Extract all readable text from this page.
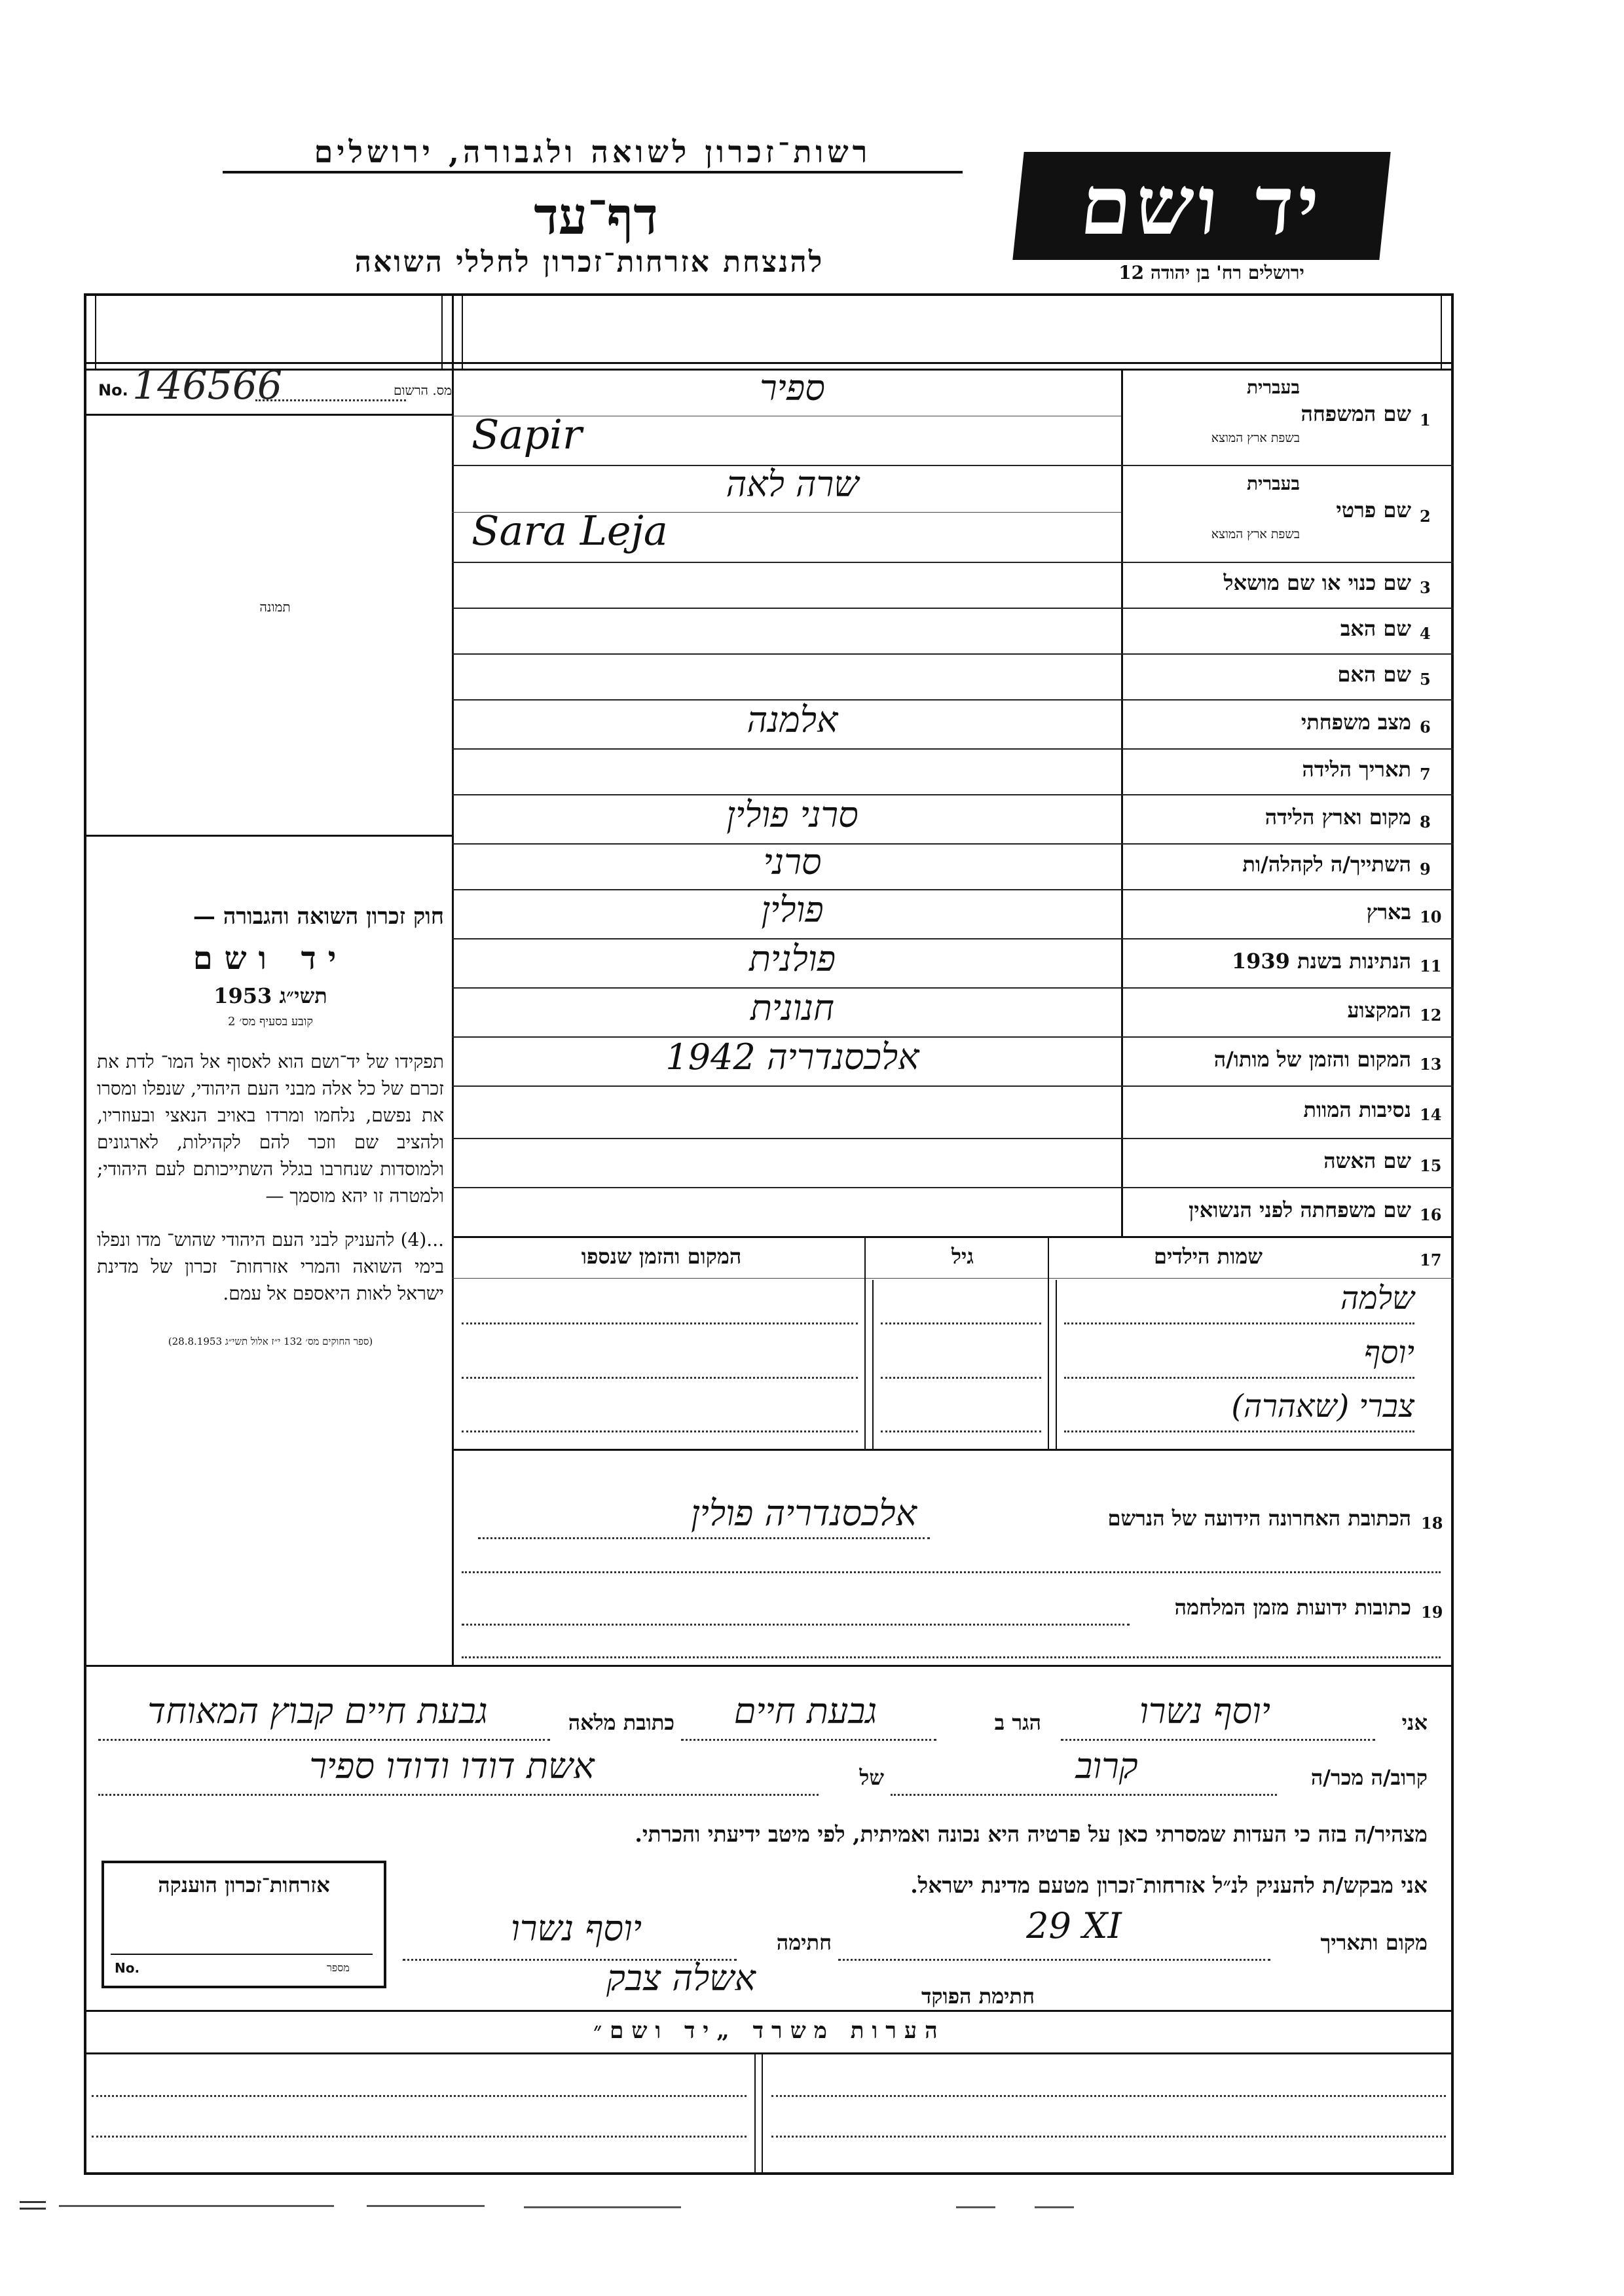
רשות־זכרון לשואה ולגבורה, ירושלים
דף־עד
להנצחת אזרחות־זכרון לחללי השואה
יד ושם
ירושלים רח' בן יהודה 12
No. 146566	מס. הרשום
תמונה
חוק זכרון השואה והגבורה —
יד ושם
תשי״ג 1953
קובע בסעיף מס׳ 2
תפקידו של יד־ושם הוא לאסוף אל המו־ לדת את זכרם של כל אלה מבני העם היהודי, שנפלו ומסרו את נפשם, נלחמו ומרדו באויב הנאצי ובעוזריו, ולהציב שם וזכר להם לקהילות, לארגונים ולמוסדות שנחרבו בגלל השתייכותם לעם היהודי; ולמטרה זו יהא מוסמך —
...(4) להעניק לבני העם היהודי שהוש־ מדו ונפלו בימי השואה והמרי אזרחות־ זכרון של מדינת ישראל לאות היאספם אל עמם.
(ספר החוקים מס׳ 132 י״ז אלול תשי״ג 28.8.1953)
1
שם המשפחה
בעברית
בשפת ארץ המוצא
ספיר
Sapir
2
שם פרטי
בעברית
בשפת ארץ המוצא
שרה לאה
Sara Leja
3
שם כנוי או שם מושאל
4
שם האב
5
שם האם
6
מצב משפחתי
אלמנה
7
תאריך הלידה
8
מקום וארץ הלידה
סרני פולין
9
השתייך/ה לקהלה/ות
סרני
10
בארץ
פולין
11
הנתינות בשנת 1939
פולנית
12
המקצוע
חנונית
13
המקום והזמן של מותו/ה
אלכסנדריה 1942
14
נסיבות המוות
15
שם האשה
16
שם משפחתה לפני הנשואין
שמות הילדים	17
גיל
המקום והזמן שנספו
שלמה
יוסף
צברי (שאהרה)
18
הכתובת האחרונה הידועה של הנרשם
אלכסנדריה פולין
19
כתובות ידועות מזמן המלחמה
אני
יוסף נשרו
הגר ב
גבעת חיים
כתובת מלאה
גבעת חיים קבוץ המאוחד
קרוב/ה מכר/ה
קרוב
של
אשת דודו ודודו ספיר
מצהיר/ה בזה כי העדות שמסרתי כאן על פרטיה היא נכונה ואמיתית, לפי מיטב ידיעתי והכרתי.
אני מבקש/ת להעניק לנ״ל אזרחות־זכרון מטעם מדינת ישראל.
מקום ותאריך
29 XI
חתימה
יוסף נשרו
חתימת הפוקד
אשלה צבק
אזרחות־זכרון הוענקה
No.	מספר
הערות משרד „יד ושם״
